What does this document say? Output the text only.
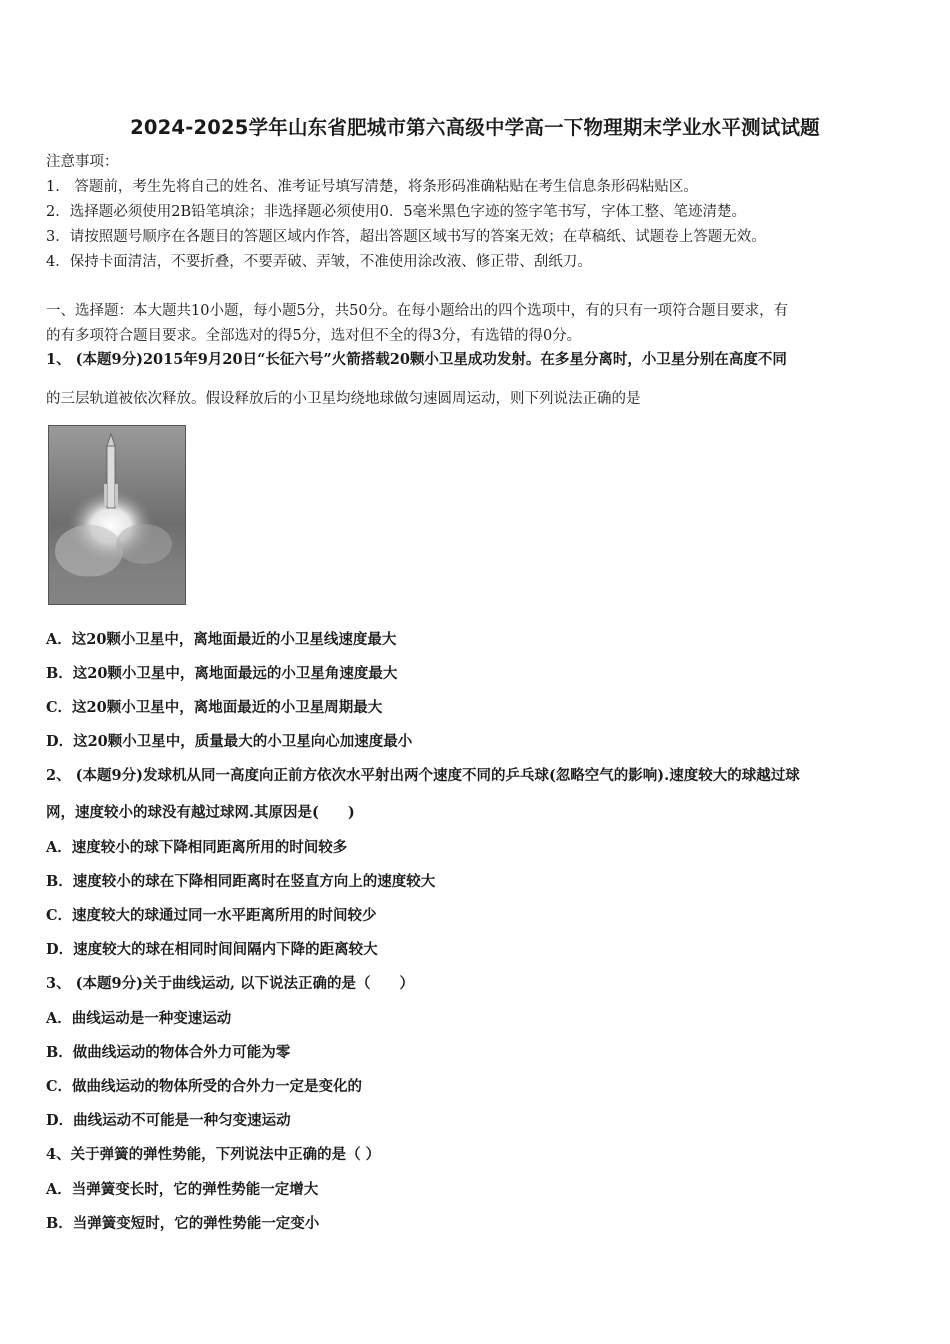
2024-2025学年山东省肥城市第六高级中学高一下物理期末学业水平测试试题
注意事项：
1.　答题前，考生先将自己的姓名、准考证号填写清楚，将条形码准确粘贴在考生信息条形码粘贴区。
2．选择题必须使用2B铅笔填涂；非选择题必须使用0．5毫米黑色字迹的签字笔书写，字体工整、笔迹清楚。
3．请按照题号顺序在各题目的答题区域内作答，超出答题区域书写的答案无效；在草稿纸、试题卷上答题无效。
4．保持卡面清洁，不要折叠，不要弄破、弄皱，不准使用涂改液、修正带、刮纸刀。
一、选择题：本大题共10小题，每小题5分，共50分。在每小题给出的四个选项中，有的只有一项符合题目要求，有
的有多项符合题目要求。全部选对的得5分，选对但不全的得3分，有选错的得0分。
1、 (本题9分)2015年9月20日“长征六号”火箭搭载20颗小卫星成功发射。在多星分离时，小卫星分别在高度不同
的三层轨道被依次释放。假设释放后的小卫星均绕地球做匀速圆周运动，则下列说法正确的是
A．这20颗小卫星中，离地面最近的小卫星线速度最大
B．这20颗小卫星中，离地面最远的小卫星角速度最大
C．这20颗小卫星中，离地面最近的小卫星周期最大
D．这20颗小卫星中，质量最大的小卫星向心加速度最小
2、 (本题9分)发球机从同一高度向正前方依次水平射出两个速度不同的乒乓球(忽略空气的影响).速度较大的球越过球
网，速度较小的球没有越过球网.其原因是(　　)
A．速度较小的球下降相同距离所用的时间较多
B．速度较小的球在下降相同距离时在竖直方向上的速度较大
C．速度较大的球通过同一水平距离所用的时间较少
D．速度较大的球在相同时间间隔内下降的距离较大
3、 (本题9分)关于曲线运动, 以下说法正确的是（　　）
A．曲线运动是一种变速运动
B．做曲线运动的物体合外力可能为零
C．做曲线运动的物体所受的合外力一定是变化的
D．曲线运动不可能是一种匀变速运动
4、关于弹簧的弹性势能，下列说法中正确的是（ ）
A．当弹簧变长时，它的弹性势能一定增大
B．当弹簧变短时，它的弹性势能一定变小
